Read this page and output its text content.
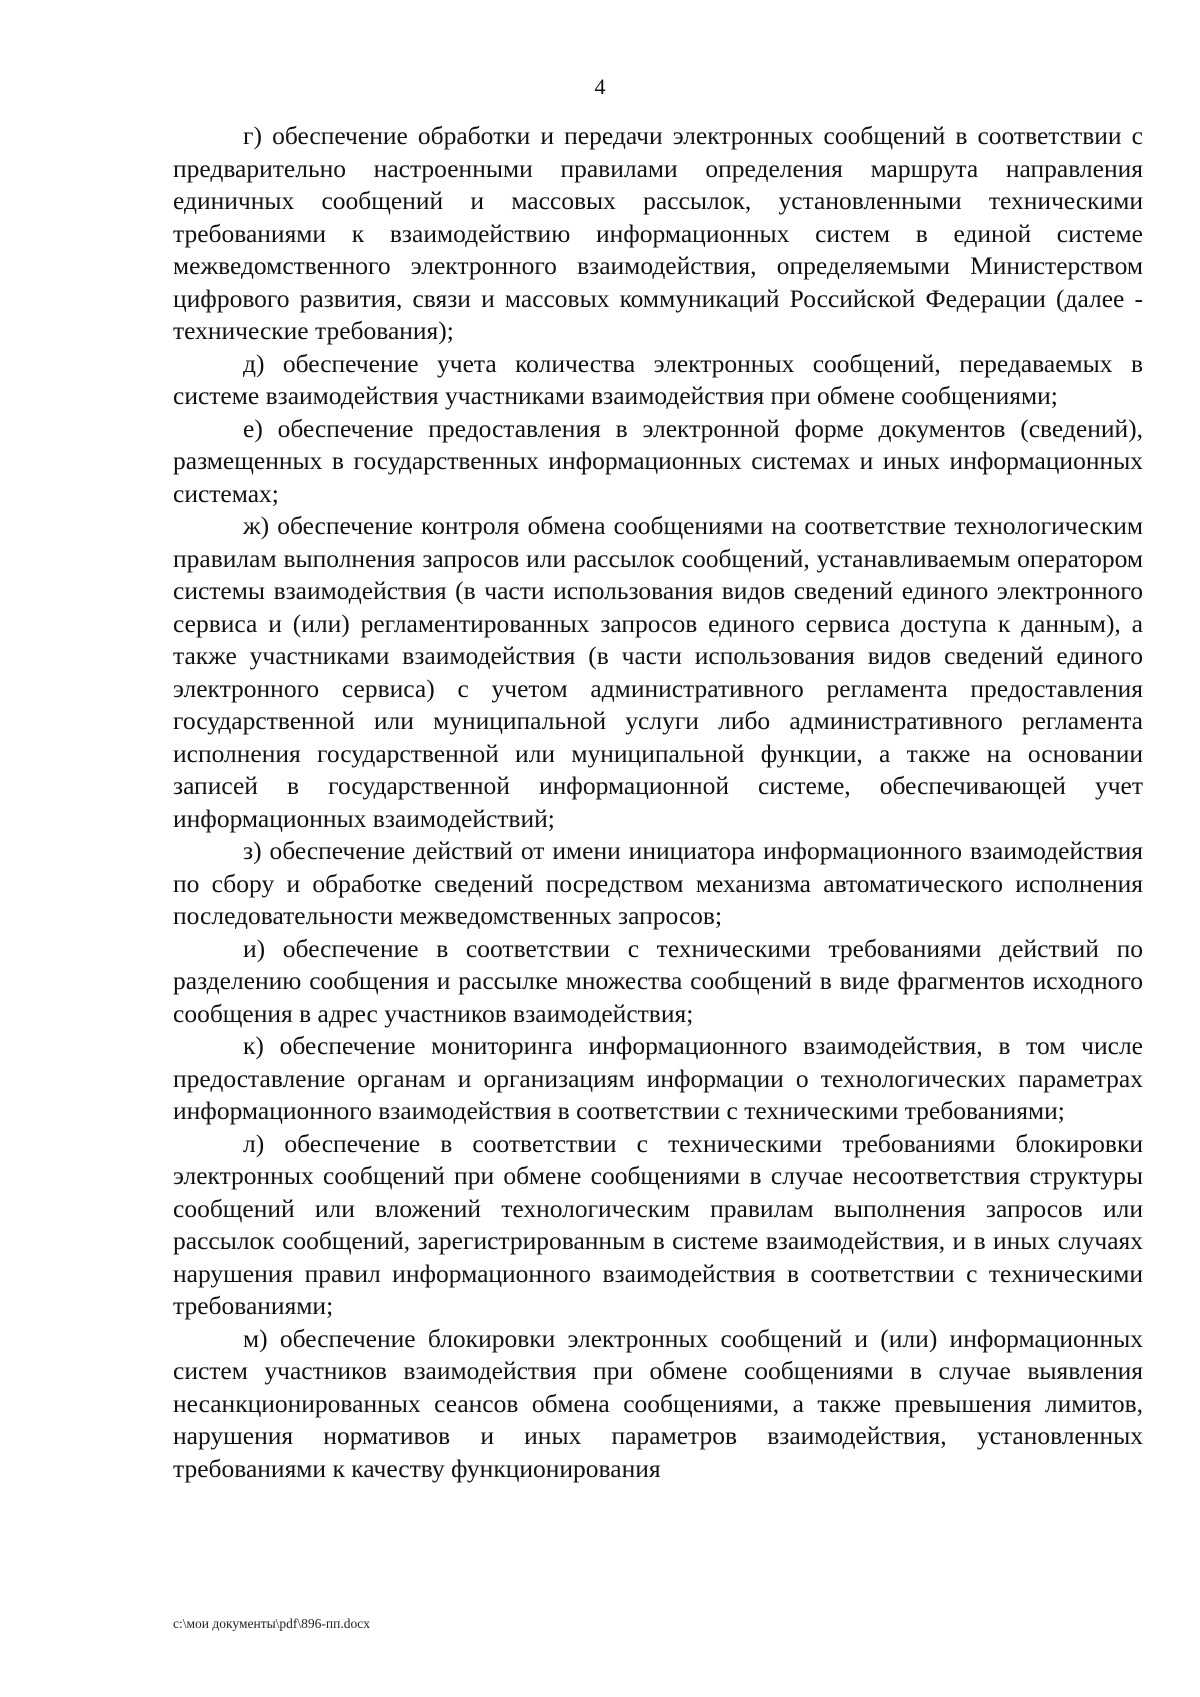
4

г) обеспечение обработки и передачи электронных сообщений в соответствии с предварительно настроенными правилами определения маршрута направления единичных сообщений и массовых рассылок, установленными техническими требованиями к взаимодействию информационных систем в единой системе межведомственного электронного взаимодействия, определяемыми Министерством цифрового развития, связи и массовых коммуникаций Российской Федерации (далее - технические требования);

д) обеспечение учета количества электронных сообщений, передаваемых в системе взаимодействия участниками взаимодействия при обмене сообщениями;

е) обеспечение предоставления в электронной форме документов (сведений), размещенных в государственных информационных системах и иных информационных системах;

ж) обеспечение контроля обмена сообщениями на соответствие технологическим правилам выполнения запросов или рассылок сообщений, устанавливаемым оператором системы взаимодействия (в части использования видов сведений единого электронного сервиса и (или) регламентированных запросов единого сервиса доступа к данным), а также участниками взаимодействия (в части использования видов сведений единого электронного сервиса) с учетом административного регламента предоставления государственной или муниципальной услуги либо административного регламента исполнения государственной или муниципальной функции, а также на основании записей в государственной информационной системе, обеспечивающей учет информационных взаимодействий;

з) обеспечение действий от имени инициатора информационного взаимодействия по сбору и обработке сведений посредством механизма автоматического исполнения последовательности межведомственных запросов;

и) обеспечение в соответствии с техническими требованиями действий по разделению сообщения и рассылке множества сообщений в виде фрагментов исходного сообщения в адрес участников взаимодействия;

к) обеспечение мониторинга информационного взаимодействия, в том числе предоставление органам и организациям информации о технологических параметрах информационного взаимодействия в соответствии с техническими требованиями;

л) обеспечение в соответствии с техническими требованиями блокировки электронных сообщений при обмене сообщениями в случае несоответствия структуры сообщений или вложений технологическим правилам выполнения запросов или рассылок сообщений, зарегистрированным в системе взаимодействия, и в иных случаях нарушения правил информационного взаимодействия в соответствии с техническими требованиями;

м) обеспечение блокировки электронных сообщений и (или) информационных систем участников взаимодействия при обмене сообщениями в случае выявления несанкционированных сеансов обмена сообщениями, а также превышения лимитов, нарушения нормативов и иных параметров взаимодействия, установленных требованиями к качеству функционирования

c:\мои документы\pdf\896-пп.docx
